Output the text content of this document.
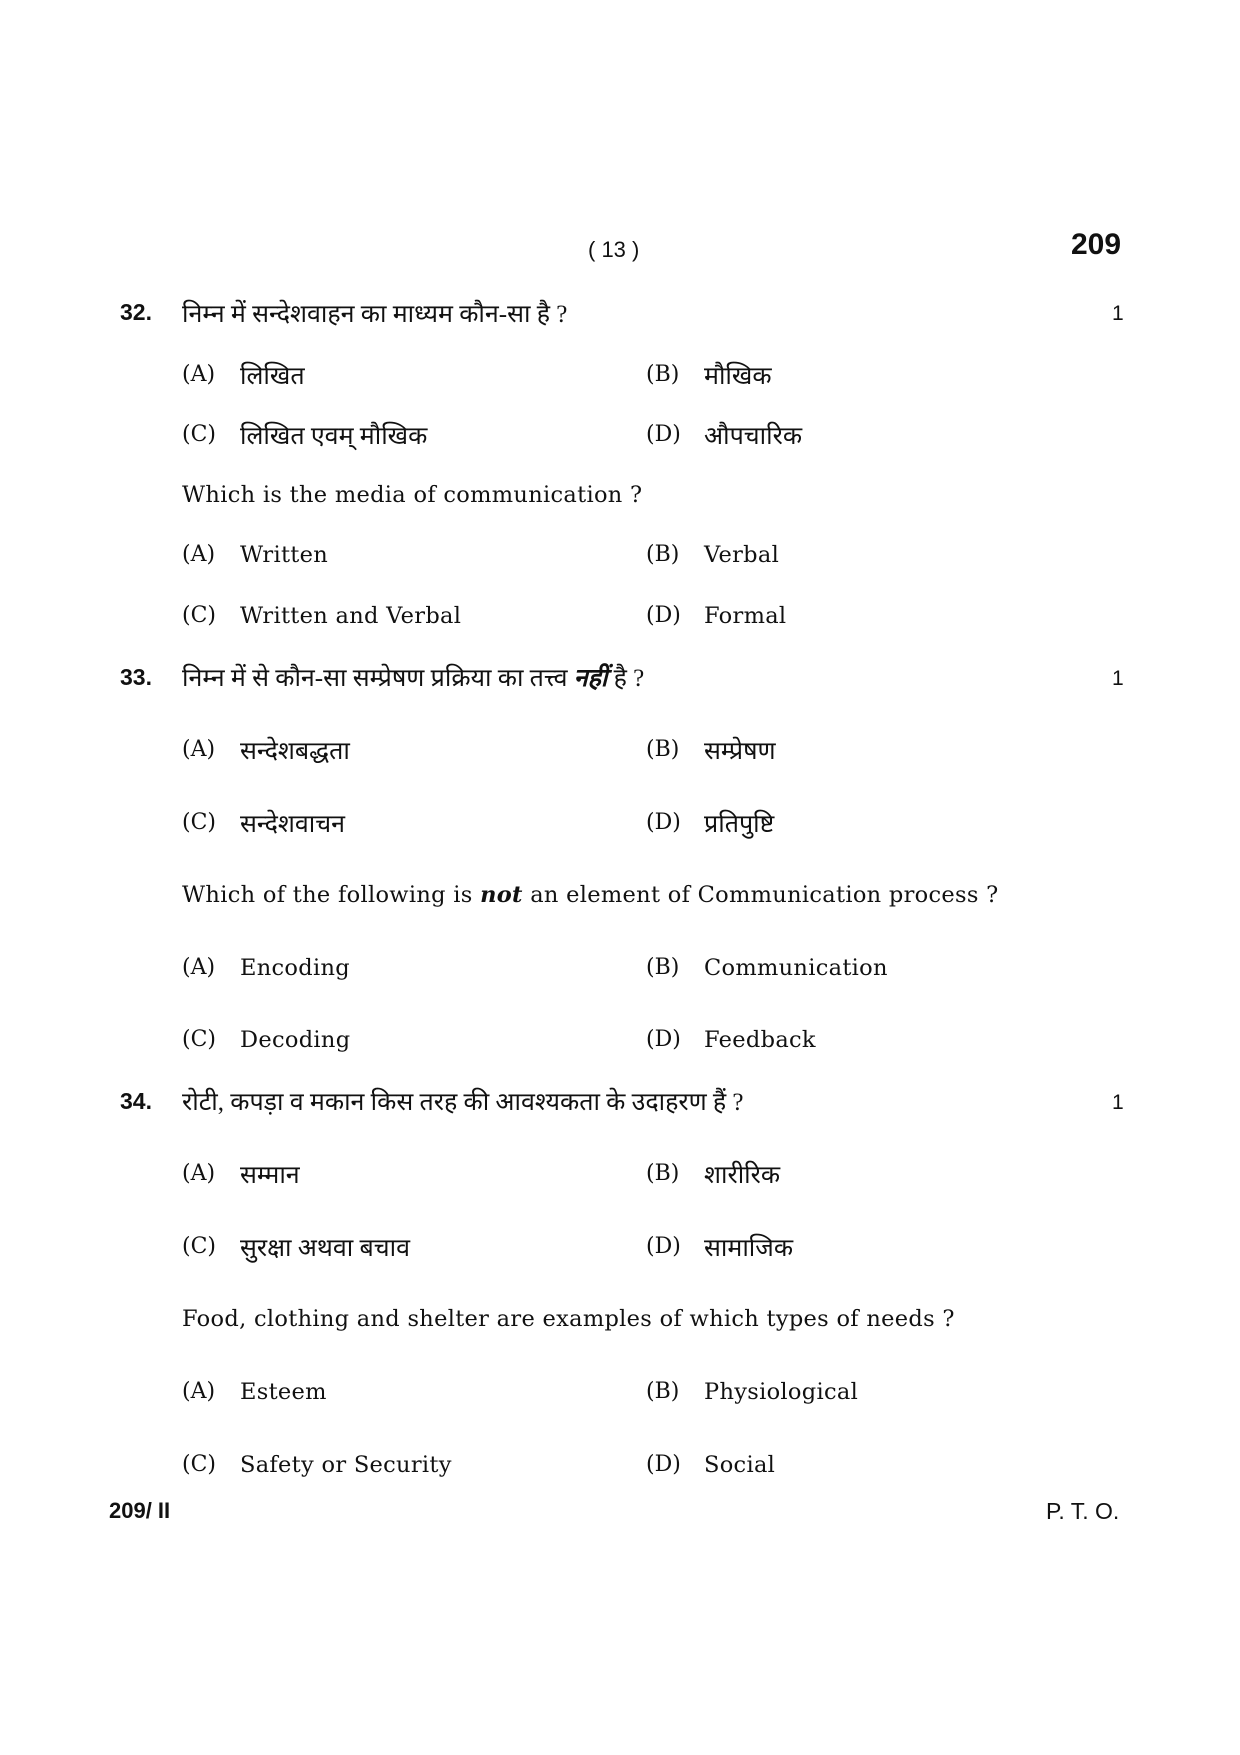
( 13 )	209
32. निम्न में सन्देशवाहन का माध्यम कौन-सा है ?	1
(A) लिखित	(B) मौखिक
(C) लिखित एवम् मौखिक	(D) औपचारिक
Which is the media of communication ?
(A) Written	(B) Verbal
(C) Written and Verbal	(D) Formal
33. निम्न में से कौन-सा सम्प्रेषण प्रक्रिया का तत्त्व नहीं है ?	1
(A) सन्देशबद्धता	(B) सम्प्रेषण
(C) सन्देशवाचन	(D) प्रतिपुष्टि
Which of the following is not an element of Communication process ?
(A) Encoding	(B) Communication
(C) Decoding	(D) Feedback
34. रोटी, कपड़ा व मकान किस तरह की आवश्यकता के उदाहरण हैं ?	1
(A) सम्मान	(B) शारीरिक
(C) सुरक्षा अथवा बचाव	(D) सामाजिक
Food, clothing and shelter are examples of which types of needs ?
(A) Esteem	(B) Physiological
(C) Safety or Security	(D) Social
209/ II	P. T. O.
